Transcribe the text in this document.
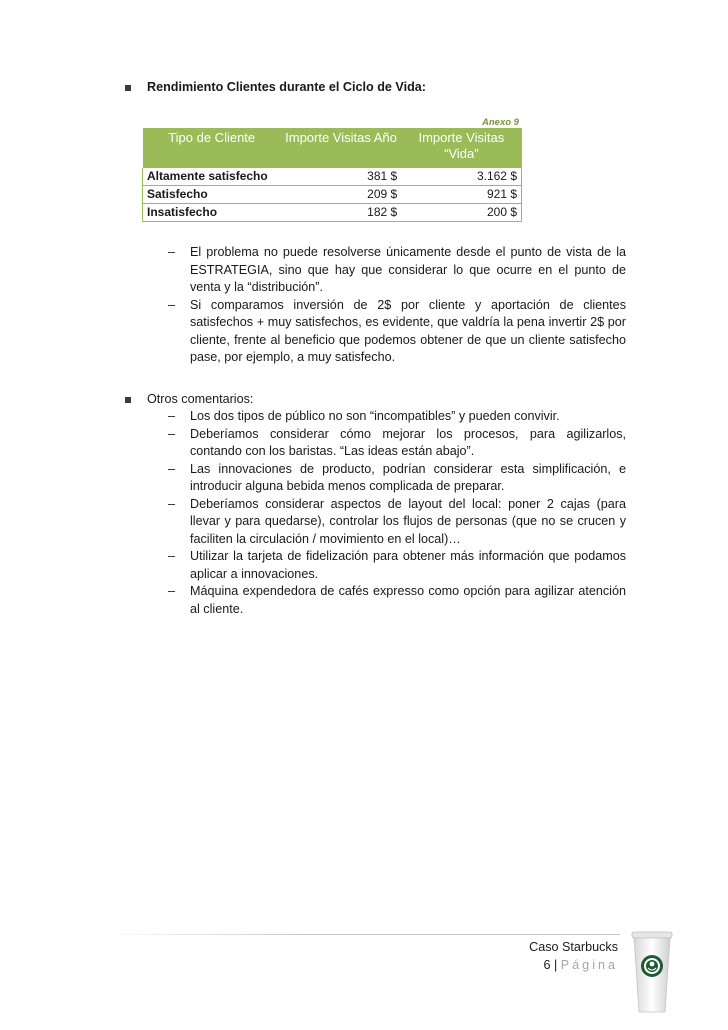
Rendimiento Clientes durante el Ciclo de Vida:
Anexo 9
Tipo de Cliente	Importe Visitas Año	Importe Visitas “Vida”
Altamente satisfecho	381 $	3.162 $
Satisfecho	209 $	921 $
Insatisfecho	182 $	200 $
– El problema no puede resolverse únicamente desde el punto de vista de la ESTRATEGIA, sino que hay que considerar lo que ocurre en el punto de venta y la “distribución”.
– Si comparamos inversión de 2$ por cliente y aportación de clientes satisfechos + muy satisfechos, es evidente, que valdría la pena invertir 2$ por cliente, frente al beneficio que podemos obtener de que un cliente satisfecho pase, por ejemplo, a muy satisfecho.
Otros comentarios:
– Los dos tipos de público no son “incompatibles” y pueden convivir.
– Deberíamos considerar cómo mejorar los procesos, para agilizarlos, contando con los baristas. “Las ideas están abajo”.
– Las innovaciones de producto, podrían considerar esta simplificación, e introducir alguna bebida menos complicada de preparar.
– Deberíamos considerar aspectos de layout del local: poner 2 cajas (para llevar y para quedarse), controlar los flujos de personas (que no se crucen y faciliten la circulación / movimiento en el local)…
– Utilizar la tarjeta de fidelización para obtener más información que podamos aplicar a innovaciones.
– Máquina expendedora de cafés expresso como opción para agilizar atención al cliente.
Caso Starbucks
6 | Página
